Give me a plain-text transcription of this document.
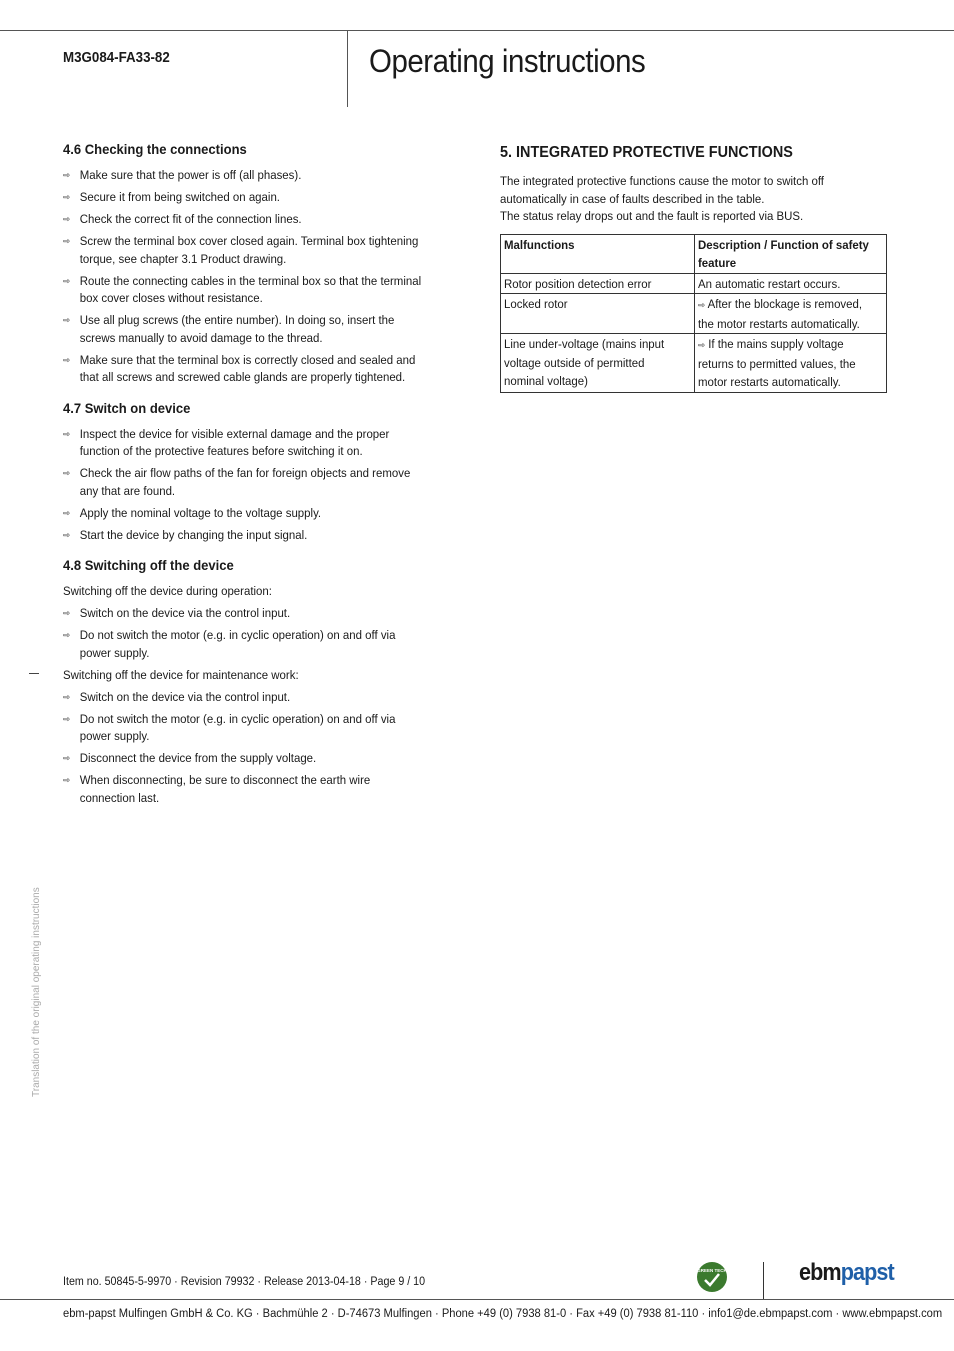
M3G084-FA33-82	Operating instructions
4.6 Checking the connections
⇨ Make sure that the power is off (all phases).
⇨ Secure it from being switched on again.
⇨ Check the correct fit of the connection lines.
⇨ Screw the terminal box cover closed again. Terminal box tightening torque, see chapter 3.1 Product drawing.
⇨ Route the connecting cables in the terminal box so that the terminal box cover closes without resistance.
⇨ Use all plug screws (the entire number). In doing so, insert the screws manually to avoid damage to the thread.
⇨ Make sure that the terminal box is correctly closed and sealed and that all screws and screwed cable glands are properly tightened.
4.7 Switch on device
⇨ Inspect the device for visible external damage and the proper function of the protective features before switching it on.
⇨ Check the air flow paths of the fan for foreign objects and remove any that are found.
⇨ Apply the nominal voltage to the voltage supply.
⇨ Start the device by changing the input signal.
4.8 Switching off the device

Switching off the device during operation:

⇨ Switch on the device via the control input.
⇨ Do not switch the motor (e.g. in cyclic operation) on and off via power supply.

Switching off the device for maintenance work:

⇨ Switch on the device via the control input.
⇨ Do not switch the motor (e.g. in cyclic operation) on and off via power supply.
⇨ Disconnect the device from the supply voltage.
⇨ When disconnecting, be sure to disconnect the earth wire connection last.
5. INTEGRATED PROTECTIVE FUNCTIONS

The integrated protective functions cause the motor to switch off automatically in case of faults described in the table.

The status relay drops out and the fault is reported via BUS.

Malfunctions	Description / Function of safety feature

Rotor position detection error	An automatic restart occurs.

Locked rotor	⇨ After the blockage is removed, the motor restarts automatically.

Line under-voltage (mains input voltage outside of permitted nominal voltage)	⇨ If the mains supply voltage returns to permitted values, the motor restarts automatically.
Translation of the original operating instructions
Item no. 50845-5-9970 · Revision 79932 · Release 2013-04-18 · Page 9 / 10
GREEN TECH	ebmpapst
ebm-papst Mulfingen GmbH & Co. KG · Bachmühle 2 · D-74673 Mulfingen · Phone +49 (0) 7938 81-0 · Fax +49 (0) 7938 81-110 · info1@de.ebmpapst.com · www.ebmpapst.com
